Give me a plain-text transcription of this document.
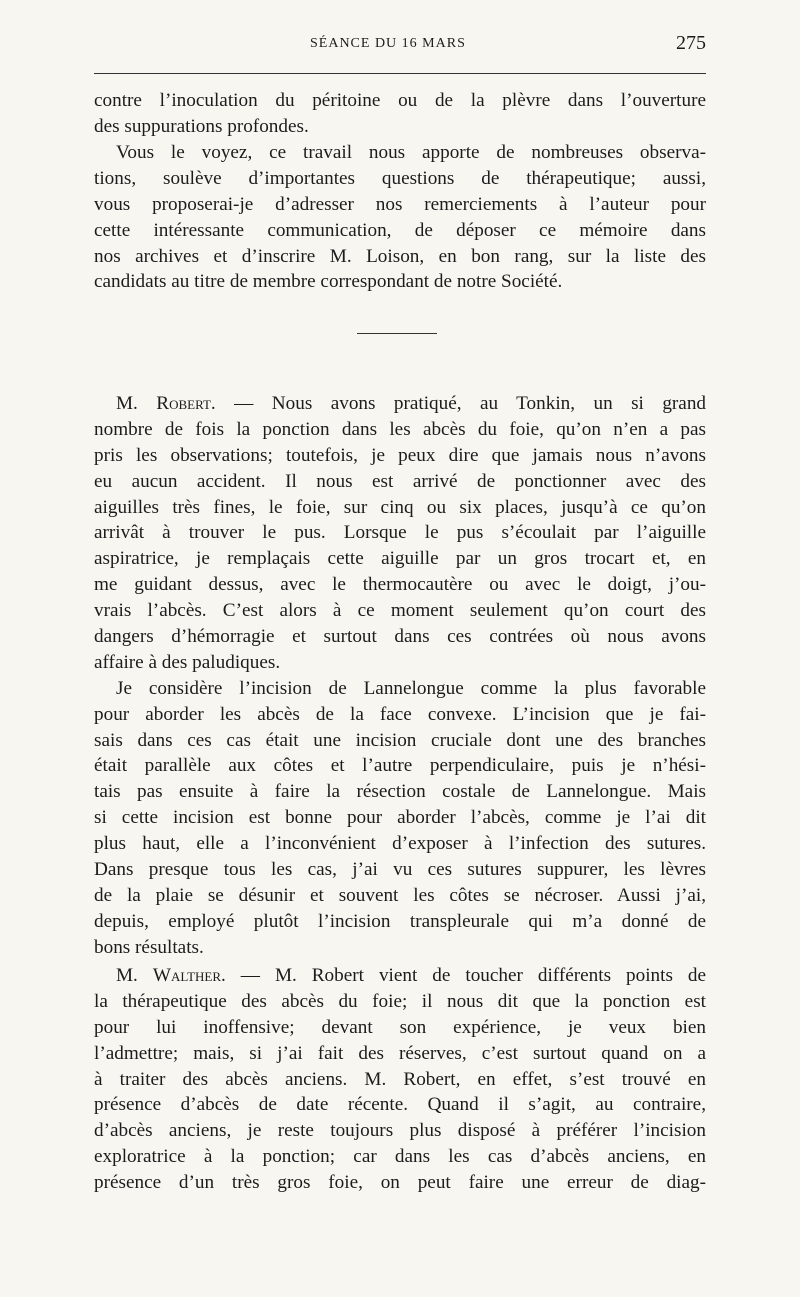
SÉANCE DU 16 MARS	275
contre l’inoculation du péritoine ou de la plèvre dans l’ouverture
des suppurations profondes.
Vous le voyez, ce travail nous apporte de nombreuses observa-
tions, soulève d’importantes questions de thérapeutique; aussi,
vous proposerai-je d’adresser nos remerciements à l’auteur pour
cette intéressante communication, de déposer ce mémoire dans
nos archives et d’inscrire M. Loison, en bon rang, sur la liste des
candidats au titre de membre correspondant de notre Société.
M. Robert. — Nous avons pratiqué, au Tonkin, un si grand
nombre de fois la ponction dans les abcès du foie, qu’on n’en a pas
pris les observations; toutefois, je peux dire que jamais nous n’avons
eu aucun accident. Il nous est arrivé de ponctionner avec des
aiguilles très fines, le foie, sur cinq ou six places, jusqu’à ce qu’on
arrivât à trouver le pus. Lorsque le pus s’écoulait par l’aiguille
aspiratrice, je remplaçais cette aiguille par un gros trocart et, en
me guidant dessus, avec le thermocautère ou avec le doigt, j’ou-
vrais l’abcès. C’est alors à ce moment seulement qu’on court des
dangers d’hémorragie et surtout dans ces contrées où nous avons
affaire à des paludiques.
Je considère l’incision de Lannelongue comme la plus favorable
pour aborder les abcès de la face convexe. L’incision que je fai-
sais dans ces cas était une incision cruciale dont une des branches
était parallèle aux côtes et l’autre perpendiculaire, puis je n’hési-
tais pas ensuite à faire la résection costale de Lannelongue. Mais
si cette incision est bonne pour aborder l’abcès, comme je l’ai dit
plus haut, elle a l’inconvénient d’exposer à l’infection des sutures.
Dans presque tous les cas, j’ai vu ces sutures suppurer, les lèvres
de la plaie se désunir et souvent les côtes se nécroser. Aussi j’ai,
depuis, employé plutôt l’incision transpleurale qui m’a donné de
bons résultats.
M. Walther. — M. Robert vient de toucher différents points de
la thérapeutique des abcès du foie; il nous dit que la ponction est
pour lui inoffensive; devant son expérience, je veux bien
l’admettre; mais, si j’ai fait des réserves, c’est surtout quand on a
à traiter des abcès anciens. M. Robert, en effet, s’est trouvé en
présence d’abcès de date récente. Quand il s’agit, au contraire,
d’abcès anciens, je reste toujours plus disposé à préférer l’incision
exploratrice à la ponction; car dans les cas d’abcès anciens, en
présence d’un très gros foie, on peut faire une erreur de diag-
